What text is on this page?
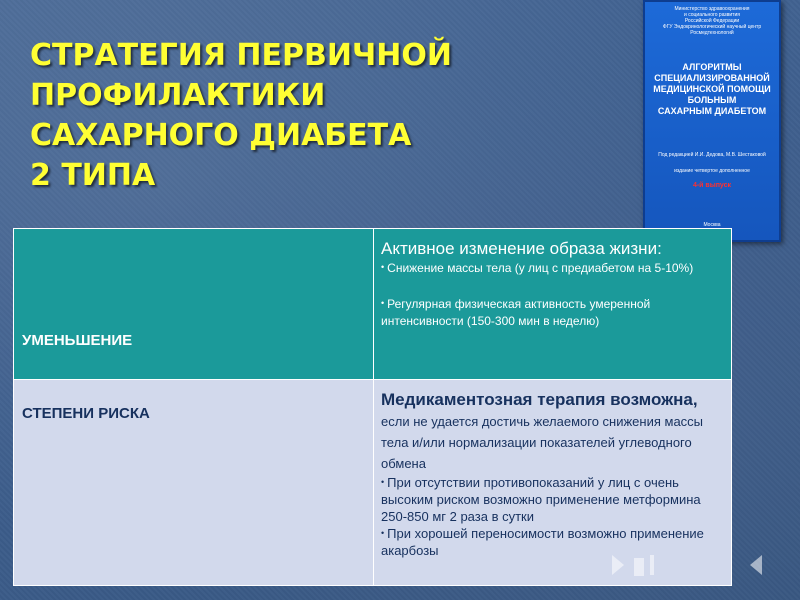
СТРАТЕГИЯ ПЕРВИЧНОЙ
ПРОФИЛАКТИКИ
САХАРНОГО ДИАБЕТА
2 ТИПА
Министерство здравоохранения
и социального развития
Российской Федерации
ФГУ Эндокринологический научный центр
Росмедтехнологий
АЛГОРИТМЫ
СПЕЦИАЛИЗИРОВАННОЙ
МЕДИЦИНСКОЙ ПОМОЩИ
БОЛЬНЫМ
САХАРНЫМ ДИАБЕТОМ
Под редакцией И.И. Дедова, М.В. Шестаковой
издание четвертое дополненное
4-й выпуск
Москва
УМЕНЬШЕНИЕ	Активное изменение образа жизни:

• Снижение массы тела (у лиц с предиабетом на 5-10%)

• Регулярная физическая активность умеренной интенсивности (150-300 мин в неделю)

СТЕПЕНИ РИСКА	Медикаментозная терапия возможна, если не удается достичь желаемого снижения массы тела и/или нормализации показателей углеводного обмена

• При отсутствии противопоказаний у лиц с очень высоким риском возможно применение метформина 250-850 мг 2 раза в сутки

• При хорошей переносимости возможно применение акарбозы
